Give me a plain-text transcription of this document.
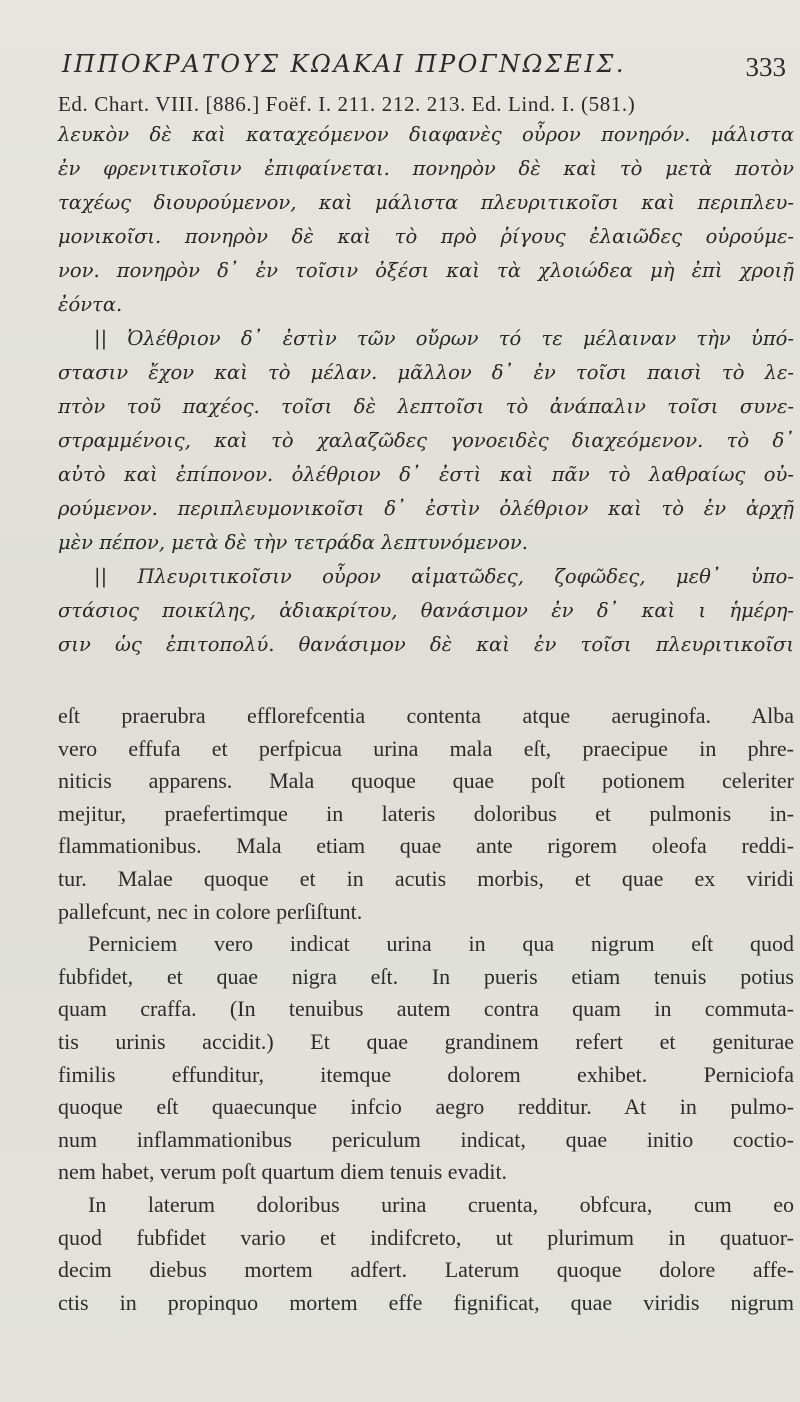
ΙΠΠΟΚΡΑΤΟΥΣ ΚΩΑΚΑΙ ΠΡΟΓΝΩΣΕΙΣ.	333
Ed. Chart. VIII. [886.] Foëf. I. 211. 212. 213. Ed. Lind. I. (581.)
λευκὸν δὲ καὶ καταχεόμενον διαφανὲς οὖρον πονηρόν. μάλιστα
ἐν φρενιτικοῖσιν ἐπιφαίνεται. πονηρὸν δὲ καὶ τὸ μετὰ ποτὸν
ταχέως διουρούμενον, καὶ μάλιστα πλευριτικοῖσι καὶ περιπλευ-
μονικοῖσι. πονηρὸν δὲ καὶ τὸ πρὸ ῥίγους ἐλαιῶδες οὐρούμε-
νον. πονηρὸν δ᾽ ἐν τοῖσιν ὀξέσι καὶ τὰ χλοιώδεα μὴ ἐπὶ χροιῇ
ἐόντα.
|| Ὀλέθριον δ᾽ ἐστὶν τῶν οὔρων τό τε μέλαιναν τὴν ὑπό-
στασιν ἔχον καὶ τὸ μέλαν. μᾶλλον δ᾽ ἐν τοῖσι παισὶ τὸ λε-
πτὸν τοῦ παχέος. τοῖσι δὲ λεπτοῖσι τὸ ἀνάπαλιν τοῖσι συνε-
στραμμένοις, καὶ τὸ χαλαζῶδες γονοειδὲς διαχεόμενον. τὸ δ᾽
αὐτὸ καὶ ἐπίπονον. ὀλέθριον δ᾽ ἐστὶ καὶ πᾶν τὸ λαθραίως οὐ-
ρούμενον. περιπλευμονικοῖσι δ᾽ ἐστὶν ὀλέθριον καὶ τὸ ἐν ἀρχῇ
μὲν πέπον, μετὰ δὲ τὴν τετράδα λεπτυνόμενον.
|| Πλευριτικοῖσιν οὖρον αἱματῶδες, ζοφῶδες, μεθ᾽ ὑπο-
στάσιος ποικίλης, ἀδιακρίτου, θανάσιμον ἐν δ᾽ καὶ ι ἡμέρη-
σιν ὡς ἐπιτοπολύ. θανάσιμον δὲ καὶ ἐν τοῖσι πλευριτικοῖσι
eſt praerubra efflorefcentia contenta atque aeruginofa. Alba
vero effufa et perfpicua urina mala eſt, praecipue in phre-
niticis apparens. Mala quoque quae poſt potionem celeriter
mejitur, praefertimque in lateris doloribus et pulmonis in-
flammationibus. Mala etiam quae ante rigorem oleofa reddi-
tur. Malae quoque et in acutis morbis, et quae ex viridi
pallefcunt, nec in colore perſiſtunt.
Perniciem vero indicat urina in qua nigrum eſt quod
fubfidet, et quae nigra eſt. In pueris etiam tenuis potius
quam craffa. (In tenuibus autem contra quam in commuta-
tis urinis accidit.) Et quae grandinem refert et geniturae
fimilis effunditur, itemque dolorem exhibet. Perniciofa
quoque eſt quaecunque infcio aegro redditur. At in pulmo-
num inflammationibus periculum indicat, quae initio coctio-
nem habet, verum poſt quartum diem tenuis evadit.
In laterum doloribus urina cruenta, obfcura, cum eo
quod fubfidet vario et indifcreto, ut plurimum in quatuor-
decim diebus mortem adfert. Laterum quoque dolore affe-
ctis in propinquo mortem effe fignificat, quae viridis nigrum
